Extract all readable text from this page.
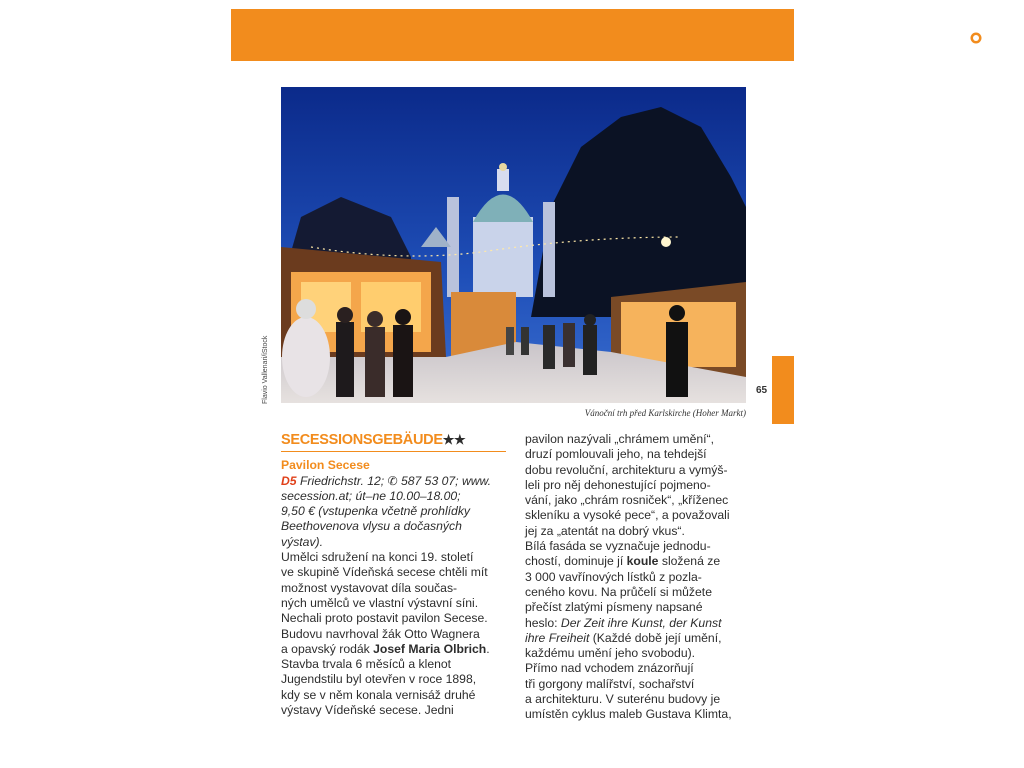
WIEDEN
Flavio Vallenari/iStock
Vánoční trh před Karlskirche (Hoher Markt)
65
SECESSIONSGEBÄUDE★★
Pavilon Secese
D5 Friedrichstr. 12; ✆ 587 53 07; www.
secession.at; út–ne 10.00–18.00;
9,50 € (vstupenka včetně prohlídky
Beethovenova vlysu a dočasných
výstav).
Umělci sdružení na konci 19. století
ve skupině Vídeňská secese chtěli mít
možnost vystavovat díla součas-
ných umělců ve vlastní výstavní síni.
Nechali proto postavit pavilon Secese.
Budovu navrhoval žák Otto Wagnera
a opavský rodák Josef Maria Olbrich.
Stavba trvala 6 měsíců a klenot
Jugendstilu byl otevřen v roce 1898,
kdy se v něm konala vernisáž druhé
výstavy Vídeňské secese. Jedni
pavilon nazývali „chrámem umění“,
druzí pomlouvali jeho, na tehdejší
dobu revoluční, architekturu a vymýš-
leli pro něj dehonestující pojmeno-
vání, jako „chrám rosniček“, „kříženec
skleníku a vysoké pece“, a považovali
jej za „atentát na dobrý vkus“.
Bílá fasáda se vyznačuje jednodu-
chostí, dominuje jí koule složená ze
3 000 vavřínových lístků z pozla-
ceného kovu. Na průčelí si můžete
přečíst zlatými písmeny napsané
heslo: Der Zeit ihre Kunst, der Kunst
ihre Freiheit (Každé době její umění,
každému umění jeho svobodu).
Přímo nad vchodem znázorňují
tři gorgony malířství, sochařství
a architekturu. V suterénu budovy je
umístěn cyklus maleb Gustava Klimta,
